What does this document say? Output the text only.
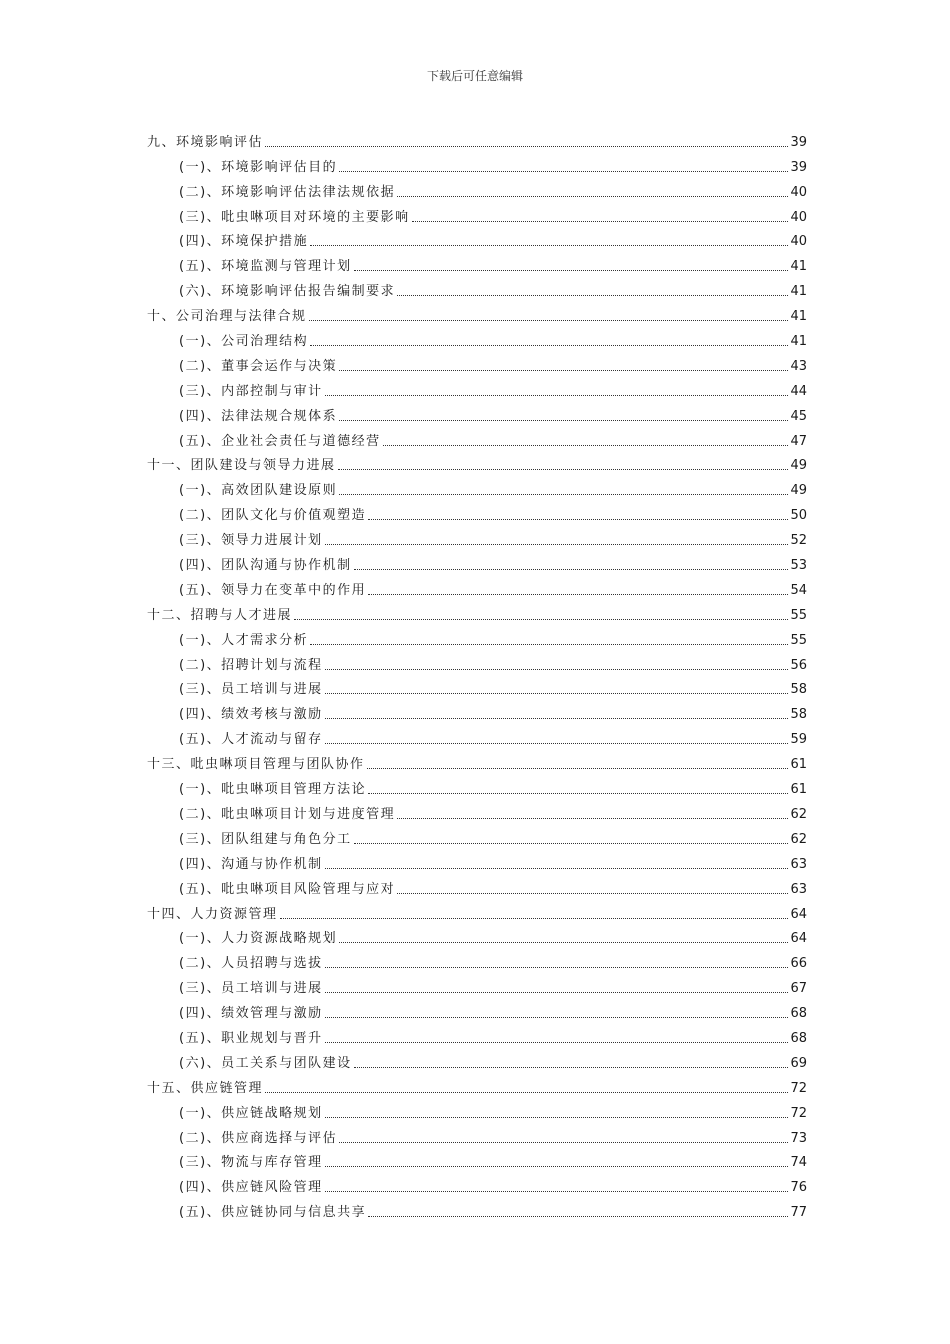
下载后可任意编辑
九、环境影响评估	39
(一)、环境影响评估目的	39
(二)、环境影响评估法律法规依据	40
(三)、吡虫啉项目对环境的主要影响	40
(四)、环境保护措施	40
(五)、环境监测与管理计划	41
(六)、环境影响评估报告编制要求	41
十、公司治理与法律合规	41
(一)、公司治理结构	41
(二)、董事会运作与决策	43
(三)、内部控制与审计	44
(四)、法律法规合规体系	45
(五)、企业社会责任与道德经营	47
十一、团队建设与领导力进展	49
(一)、高效团队建设原则	49
(二)、团队文化与价值观塑造	50
(三)、领导力进展计划	52
(四)、团队沟通与协作机制	53
(五)、领导力在变革中的作用	54
十二、招聘与人才进展	55
(一)、人才需求分析	55
(二)、招聘计划与流程	56
(三)、员工培训与进展	58
(四)、绩效考核与激励	58
(五)、人才流动与留存	59
十三、吡虫啉项目管理与团队协作	61
(一)、吡虫啉项目管理方法论	61
(二)、吡虫啉项目计划与进度管理	62
(三)、团队组建与角色分工	62
(四)、沟通与协作机制	63
(五)、吡虫啉项目风险管理与应对	63
十四、人力资源管理	64
(一)、人力资源战略规划	64
(二)、人员招聘与选拔	66
(三)、员工培训与进展	67
(四)、绩效管理与激励	68
(五)、职业规划与晋升	68
(六)、员工关系与团队建设	69
十五、供应链管理	72
(一)、供应链战略规划	72
(二)、供应商选择与评估	73
(三)、物流与库存管理	74
(四)、供应链风险管理	76
(五)、供应链协同与信息共享	77
